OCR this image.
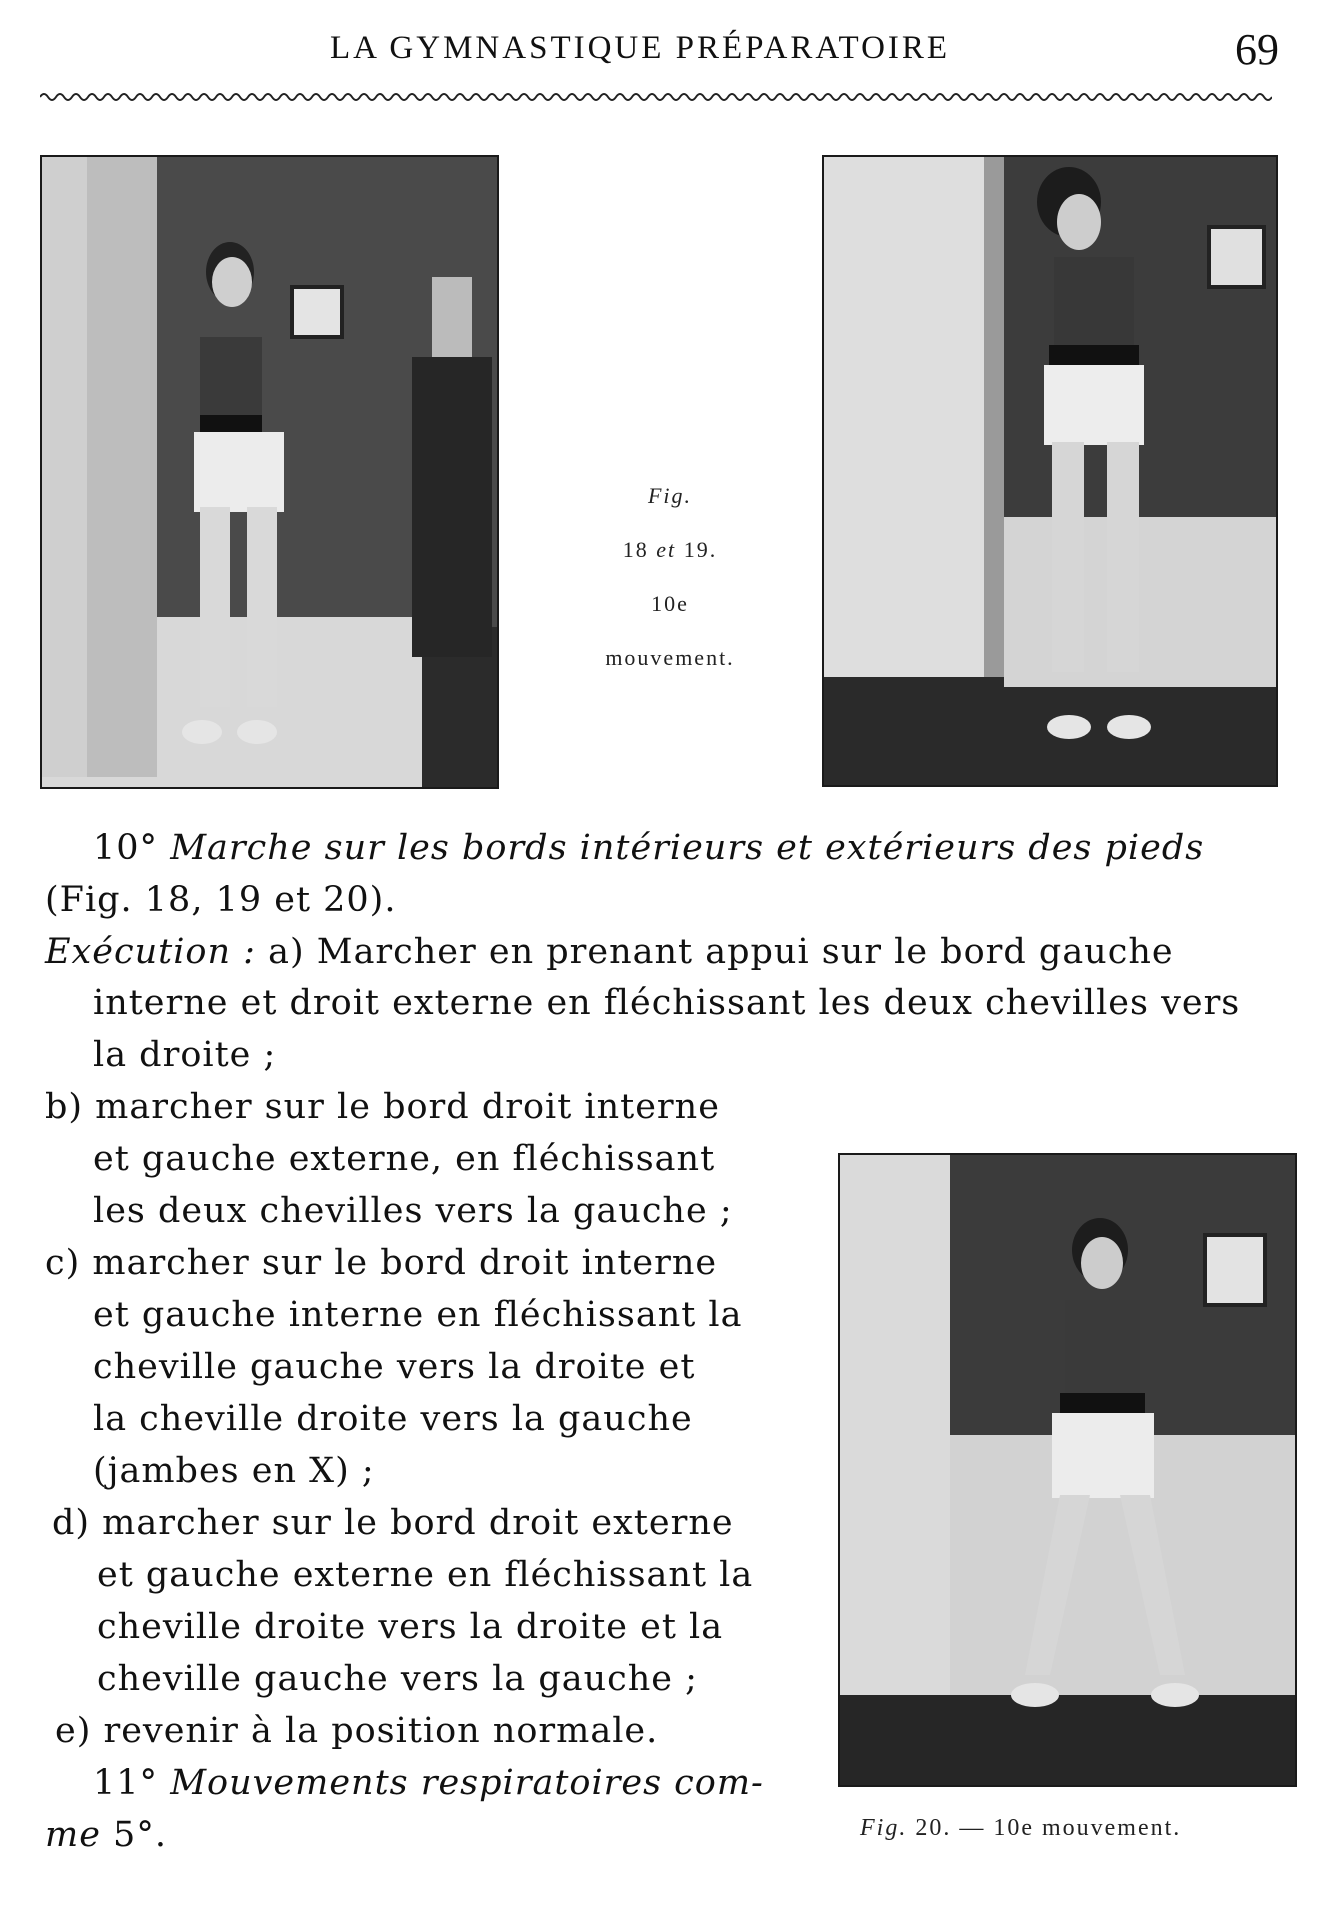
LA GYMNASTIQUE PRÉPARATOIRE	69
Fig.
18 et 19.
10e
mouvement.
10° Marche sur les bords intérieurs et extérieurs des pieds
(Fig. 18, 19 et 20).
Exécution : a) Marcher en prenant appui sur le bord gauche
interne et droit externe en fléchissant les deux chevilles vers
la droite ;
b) marcher sur le bord droit interne
et gauche externe, en fléchissant
les deux chevilles vers la gauche ;
c) marcher sur le bord droit interne
et gauche interne en fléchissant la
cheville gauche vers la droite et
la cheville droite vers la gauche
(jambes en X) ;
d) marcher sur le bord droit externe
et gauche externe en fléchissant la
cheville droite vers la droite et la
cheville gauche vers la gauche ;
e) revenir à la position normale.
11° Mouvements respiratoires com-
me 5°.	Fig. 20. — 10e mouvement.
